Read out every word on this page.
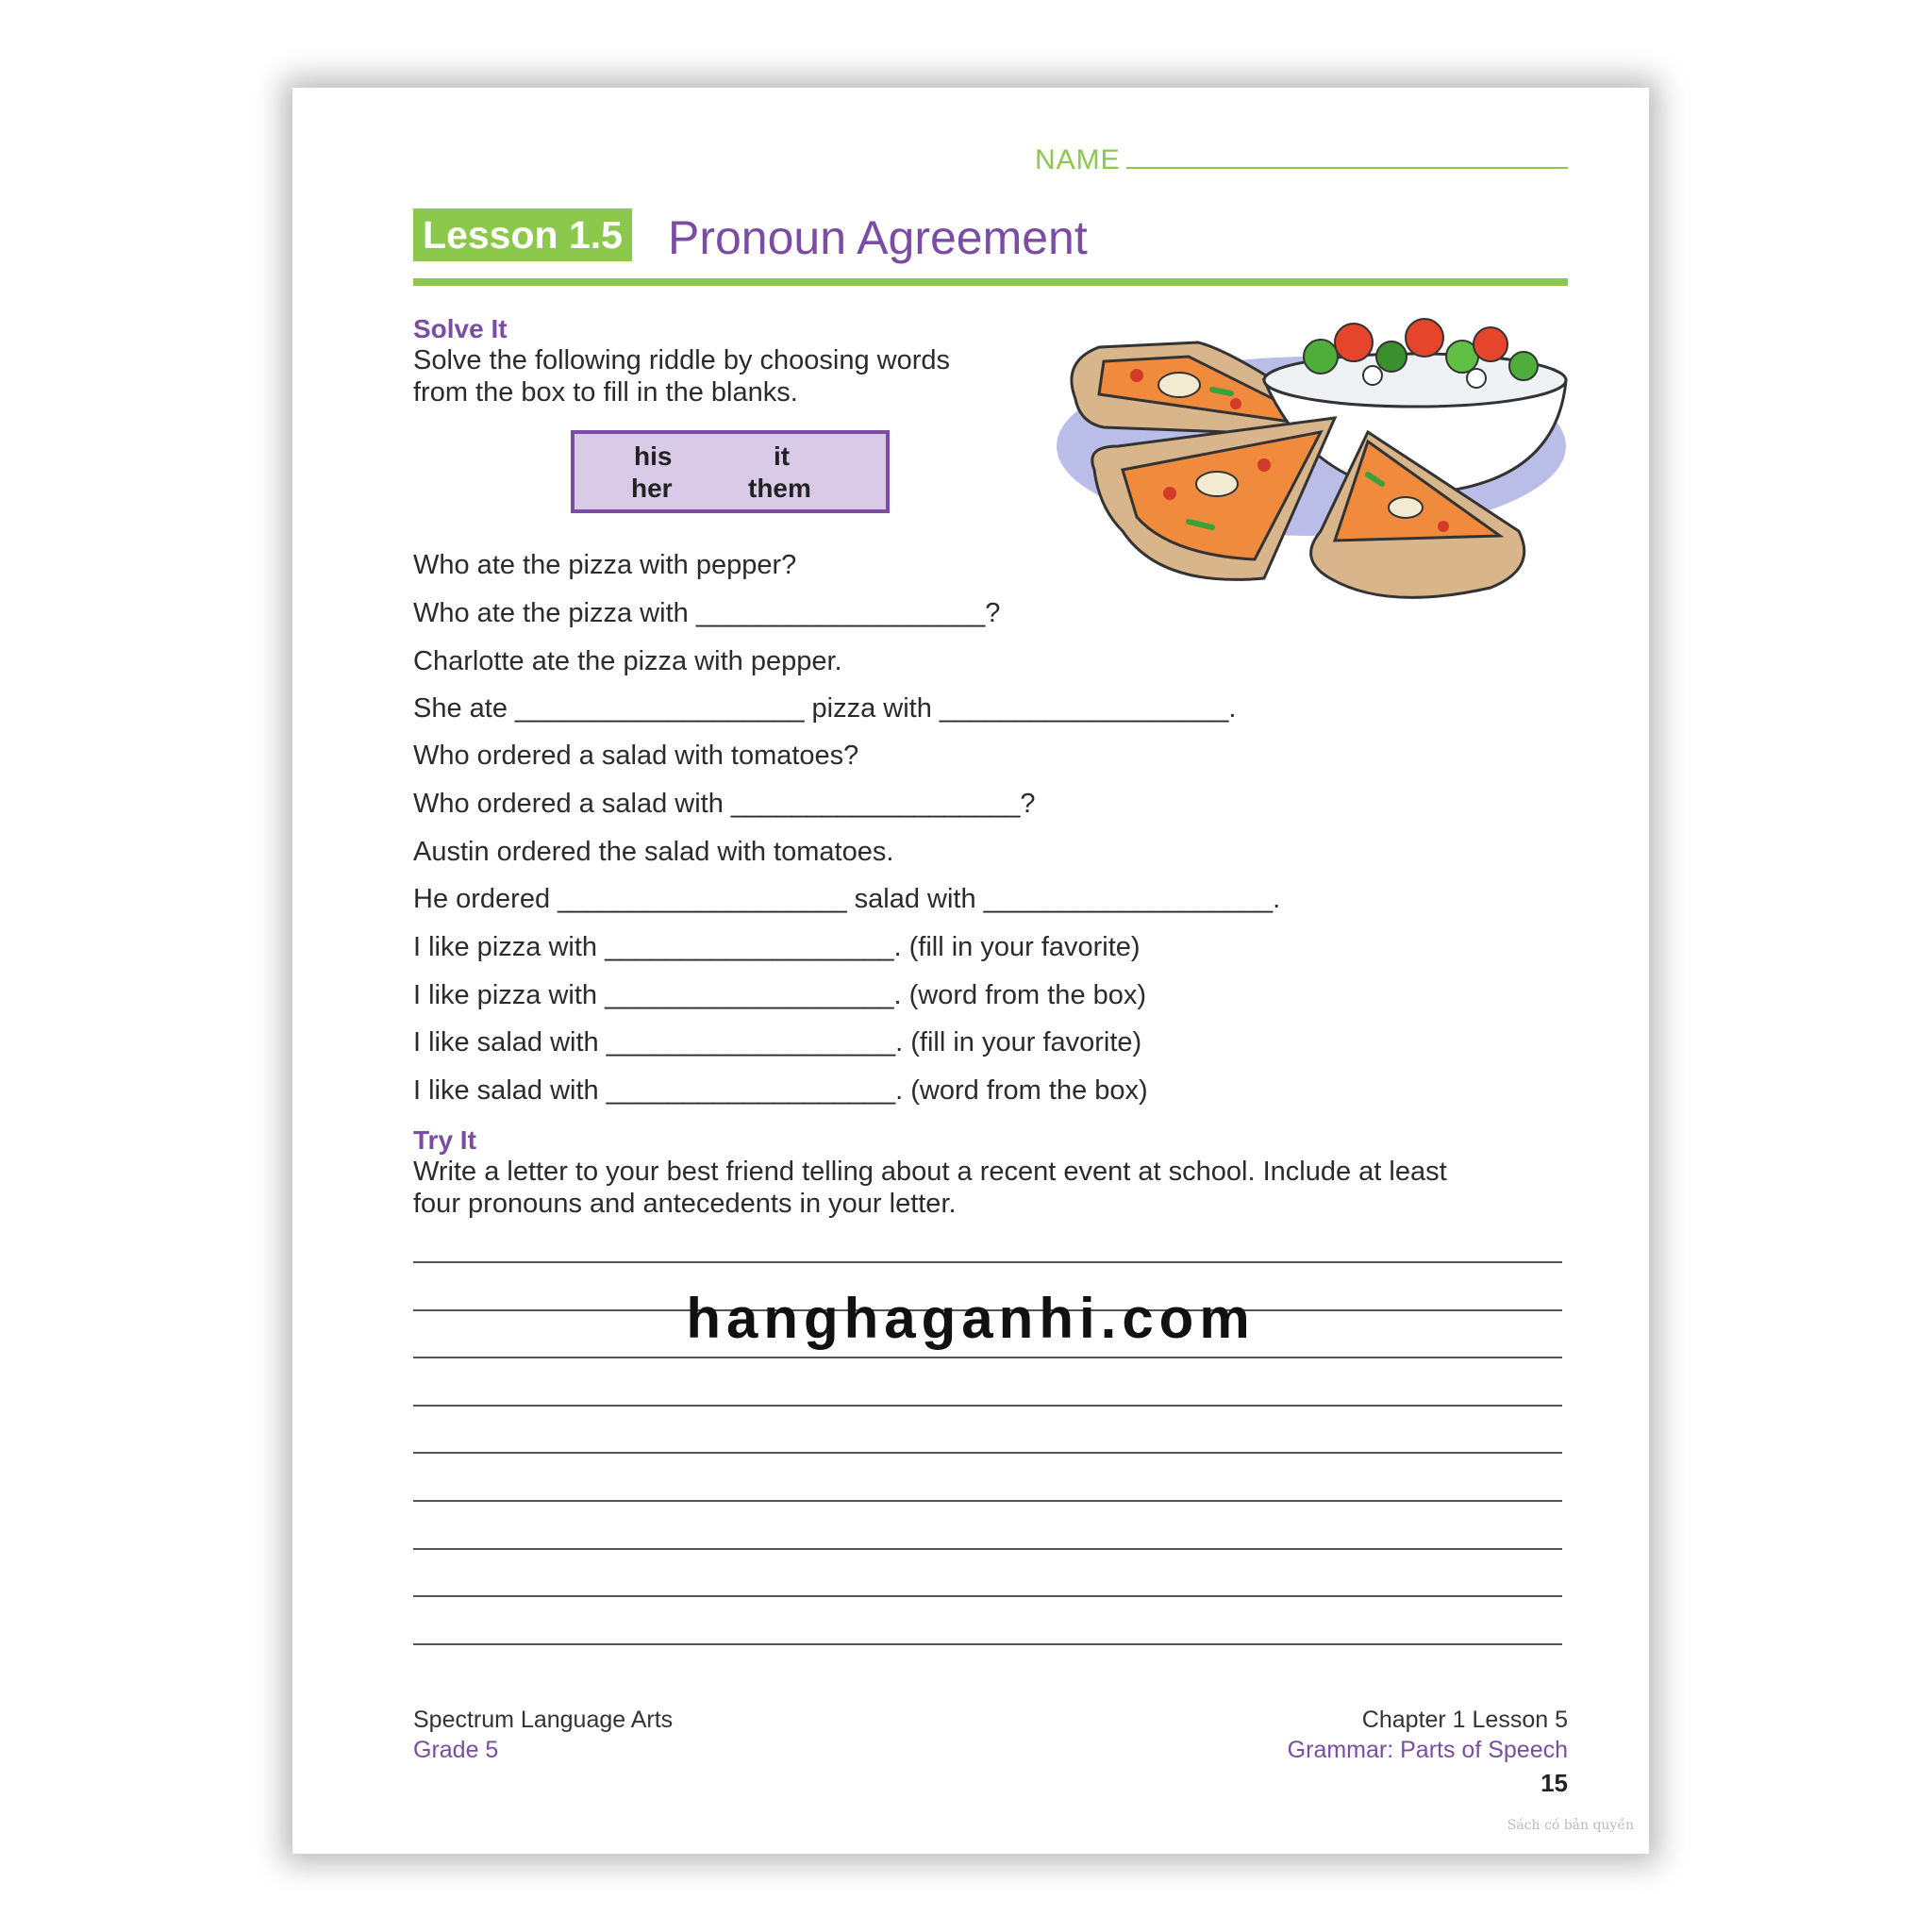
NAME
Lesson 1.5 Pronoun Agreement
Solve It
Solve the following riddle by choosing words
from the box to fill in the blanks.
his	it
her	them
Who ate the pizza with pepper?
Who ate the pizza with ___________________?
Charlotte ate the pizza with pepper.
She ate ___________________ pizza with ___________________.
Who ordered a salad with tomatoes?
Who ordered a salad with ___________________?
Austin ordered the salad with tomatoes.
He ordered ___________________ salad with ___________________.
I like pizza with ___________________. (fill in your favorite)
I like pizza with ___________________. (word from the box)
I like salad with ___________________. (fill in your favorite)
I like salad with ___________________. (word from the box)
Try It
Write a letter to your best friend telling about a recent event at school. Include at least
four pronouns and antecedents in your letter.
hanghaganhi.com
Spectrum Language Arts
Grade 5
Chapter 1 Lesson 5
Grammar: Parts of Speech
15
Sách có bản quyền
